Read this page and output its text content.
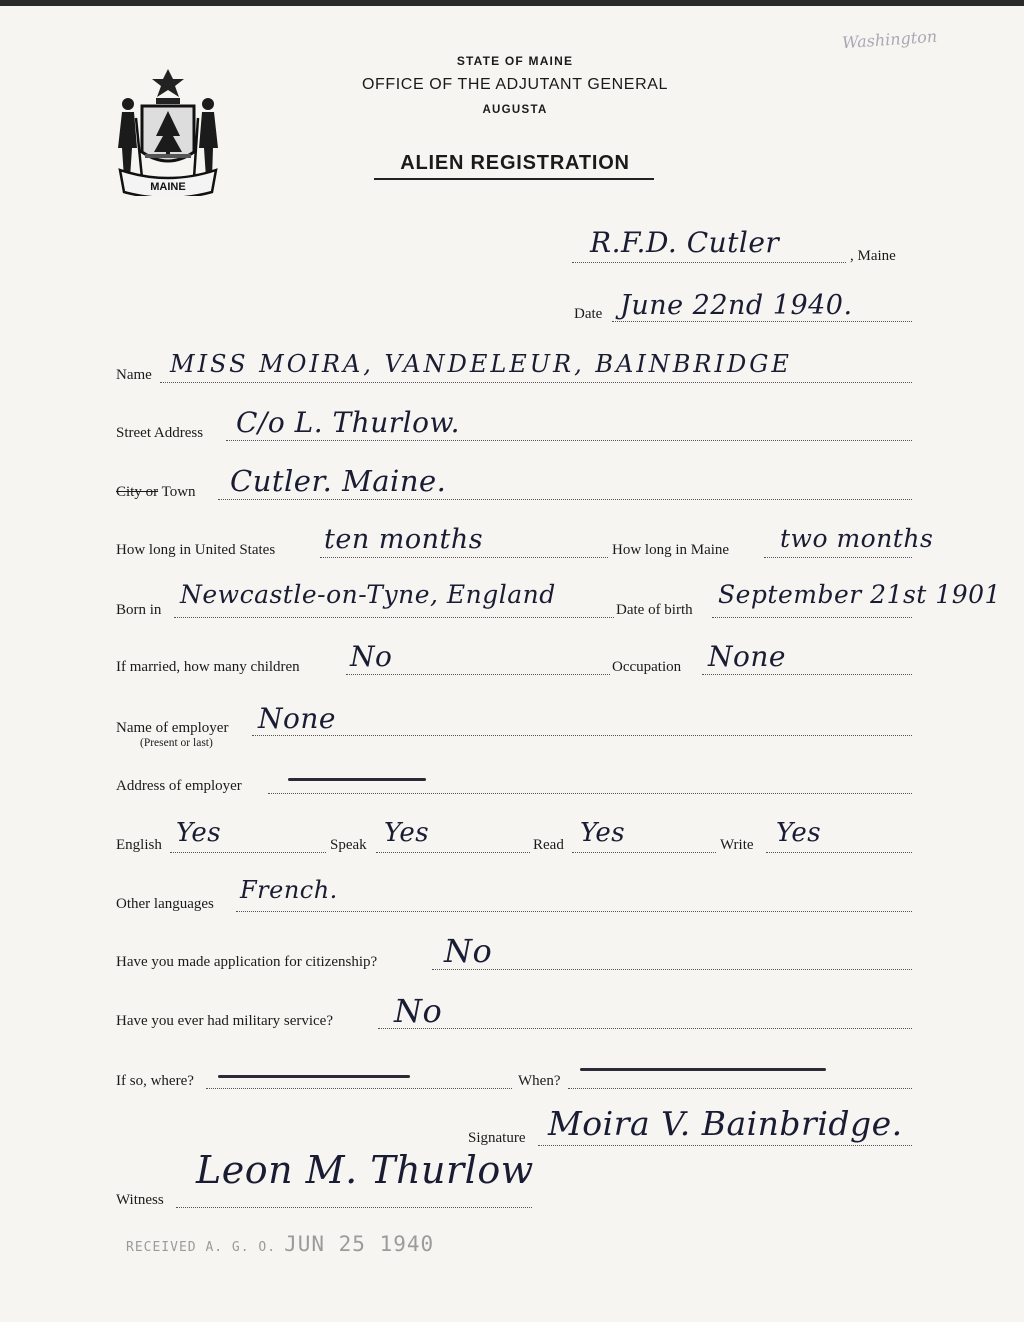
MAINE
STATE OF MAINE
OFFICE OF THE ADJUTANT GENERAL
AUGUSTA
ALIEN REGISTRATION
Washington
R.F.D. Cutler	, Maine
Date June 22nd 1940.
Name MISS MOIRA, VANDELEUR, BAINBRIDGE
Street Address C/o L. Thurlow.
City or Town Cutler. Maine.
How long in United States ten months	How long in Maine two months
Born in
Newcastle-on-Tyne, England
Date of birth
September 21st 1901
If married, how many children No	Occupation None
Name of employer
(Present or last)
None
Address of employer
English Yes	Speak Yes	Read Yes	Write Yes
Other languages French.
Have you made application for citizenship? No
Have you ever had military service? No
If so, where?	When?
Signature Moira V. Bainbridge.
Witness
Leon M. Thurlow
RECEIVED A. G. O. JUN 25 1940
